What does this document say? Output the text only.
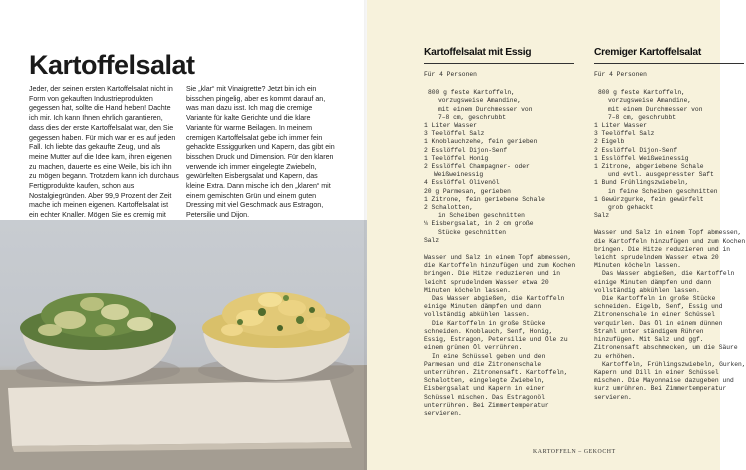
Kartoffelsalat

Jeder, der seinen ersten Kartoffelsalat nicht in Form von gekauften Industrieprodukten gegessen hat, sollte die Hand heben! Dachte ich mir. Ich kann Ihnen ehrlich garantieren, dass dies der erste Kartoffelsalat war, den Sie gegessen haben. Für mich war er es auf jeden Fall. Ich liebte das gekaufte Zeug, und als meine Mutter auf die Idee kam, ihren eigenen zu machen, dauerte es eine Weile, bis ich ihn zu mögen begann. Trotzdem kann ich durchaus Fertigprodukte kaufen, schon aus Nostalgiegründen. Aber 99,9 Prozent der Zeit mache ich meinen eigenen. Kartoffelsalat ist ein echter Knaller. Mögen Sie es cremig mit

Sie „klar“ mit Vinaigrette? Jetzt bin ich ein bisschen pingelig, aber es kommt darauf an, was man dazu isst. Ich mag die cremige Variante für kalte Gerichte und die klare Variante für warme Beilagen. In meinem cremigen Kartoffelsalat gebe ich immer fein gehackte Essiggurken und Kapern, das gibt ein bisschen Druck und Dimension. Für den klaren verwende ich immer eingelegte Zwiebeln, gewürfelten Eisbergsalat und Kapern, das kleine Extra. Dann mische ich den „klaren“ mit einem gemischten Grün und einem guten Dressing mit viel Geschmack aus Estragon, Petersilie und Dijon.

Kartoffelsalat mit Essig
Für 4 Personen
800 g feste Kartoffeln,
vorzugsweise Amandine,
mit einem Durchmesser von
7–8 cm, geschrubbt
1 Liter Wasser
3 Teelöffel Salz
1 Knoblauchzehe, fein gerieben
2 Esslöffel Dijon-Senf
1 Teelöffel Honig
2 Esslöffel Champagner- oder
Weißweinessig
4 Esslöffel Olivenöl
20 g Parmesan, gerieben
1 Zitrone, fein geriebene Schale
2 Schalotten,
in Scheiben geschnitten
¼ Eisbergsalat, in 2 cm große
Stücke geschnitten
Salz

Wasser und Salz in einem Topf abmessen, die Kartoffeln hinzufügen und zum Kochen bringen. Die Hitze reduzieren und in leicht sprudelndem Wasser etwa 20 Minuten köcheln lassen.

Das Wasser abgießen, die Kartoffeln einige Minuten dämpfen und dann vollständig abkühlen lassen.

Die Kartoffeln in große Stücke schneiden. Knoblauch, Senf, Honig, Essig, Estragon, Petersilie und Öle zu einem grünen Öl verrühren.

In eine Schüssel geben und den Parmesan und die Zitronenschale unterrühren. Zitronensaft. Kartoffeln, Schalotten, eingelegte Zwiebeln, Eisbergsalat und Kapern in einer Schüssel mischen. Das Estragonöl unterrühren. Bei Zimmertemperatur servieren.

Cremiger Kartoffelsalat
Für 4 Personen
800 g feste Kartoffeln,
vorzugsweise Amandine,
mit einem Durchmesser von
7–8 cm, geschrubbt
1 Liter Wasser
3 Teelöffel Salz
2 Eigelb
2 Esslöffel Dijon-Senf
1 Esslöffel Weißweinessig
1 Zitrone, abgeriebene Schale
und evtl. ausgepresster Saft
1 Bund Frühlingszwiebeln,
in feine Scheiben geschnitten
1 Gewürzgurke, fein gewürfelt
grob gehackt
Salz

Wasser und Salz in einem Topf abmessen, die Kartoffeln hinzufügen und zum Kochen bringen. Die Hitze reduzieren und in leicht sprudelndem Wasser etwa 20 Minuten köcheln lassen.

Das Wasser abgießen, die Kartoffeln einige Minuten dämpfen und dann vollständig abkühlen lassen.

Die Kartoffeln in große Stücke schneiden. Eigelb, Senf, Essig und Zitronenschale in einer Schüssel verquirlen. Das Öl in einem dünnen Strahl unter ständigem Rühren hinzufügen. Mit Salz und ggf. Zitronensaft abschmecken, um die Säure zu erhöhen.

Kartoffeln, Frühlingszwiebeln, Gurken, Kapern und Dill in einer Schüssel mischen. Die Mayonnaise dazugeben und kurz umrühren. Bei Zimmertemperatur servieren.

KARTOFFELN – GEKOCHT
